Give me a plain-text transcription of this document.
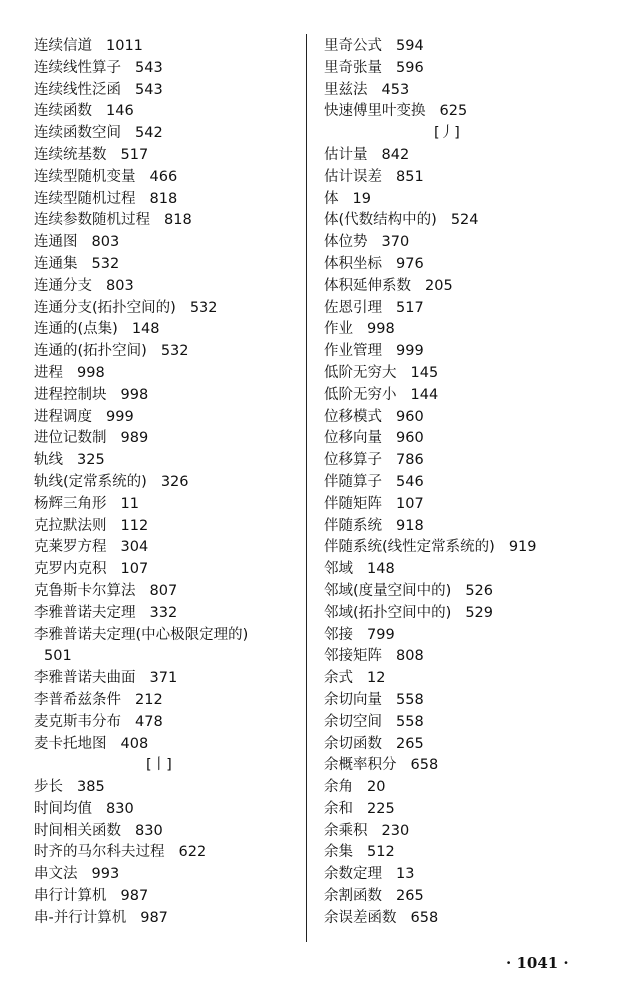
连续信道 1011
连续线性算子 543
连续线性泛函 543
连续函数 146
连续函数空间 542
连续统基数 517
连续型随机变量 466
连续型随机过程 818
连续参数随机过程 818
连通图 803
连通集 532
连通分支 803
连通分支(拓扑空间的) 532
连通的(点集) 148
连通的(拓扑空间) 532
进程 998
进程控制块 998
进程调度 999
进位记数制 989
轨线 325
轨线(定常系统的) 326
杨辉三角形 11
克拉默法则 112
克莱罗方程 304
克罗内克积 107
克鲁斯卡尔算法 807
李雅普诺夫定理 332
李雅普诺夫定理(中心极限定理的)
501
李雅普诺夫曲面 371
李普希兹条件 212
麦克斯韦分布 478
麦卡托地图 408
[丨]
步长 385
时间均值 830
时间相关函数 830
时齐的马尔科夫过程 622
串文法 993
串行计算机 987
串-并行计算机 987
里奇公式 594
里奇张量 596
里兹法 453
快速傅里叶变换 625
[丿]
估计量 842
估计误差 851
体 19
体(代数结构中的) 524
体位势 370
体积坐标 976
体积延伸系数 205
佐恩引理 517
作业 998
作业管理 999
低阶无穷大 145
低阶无穷小 144
位移模式 960
位移向量 960
位移算子 786
伴随算子 546
伴随矩阵 107
伴随系统 918
伴随系统(线性定常系统的) 919
邻域 148
邻域(度量空间中的) 526
邻域(拓扑空间中的) 529
邻接 799
邻接矩阵 808
余式 12
余切向量 558
余切空间 558
余切函数 265
余概率积分 658
余角 20
余和 225
余乘积 230
余集 512
余数定理 13
余割函数 265
余误差函数 658
· 1041 ·
